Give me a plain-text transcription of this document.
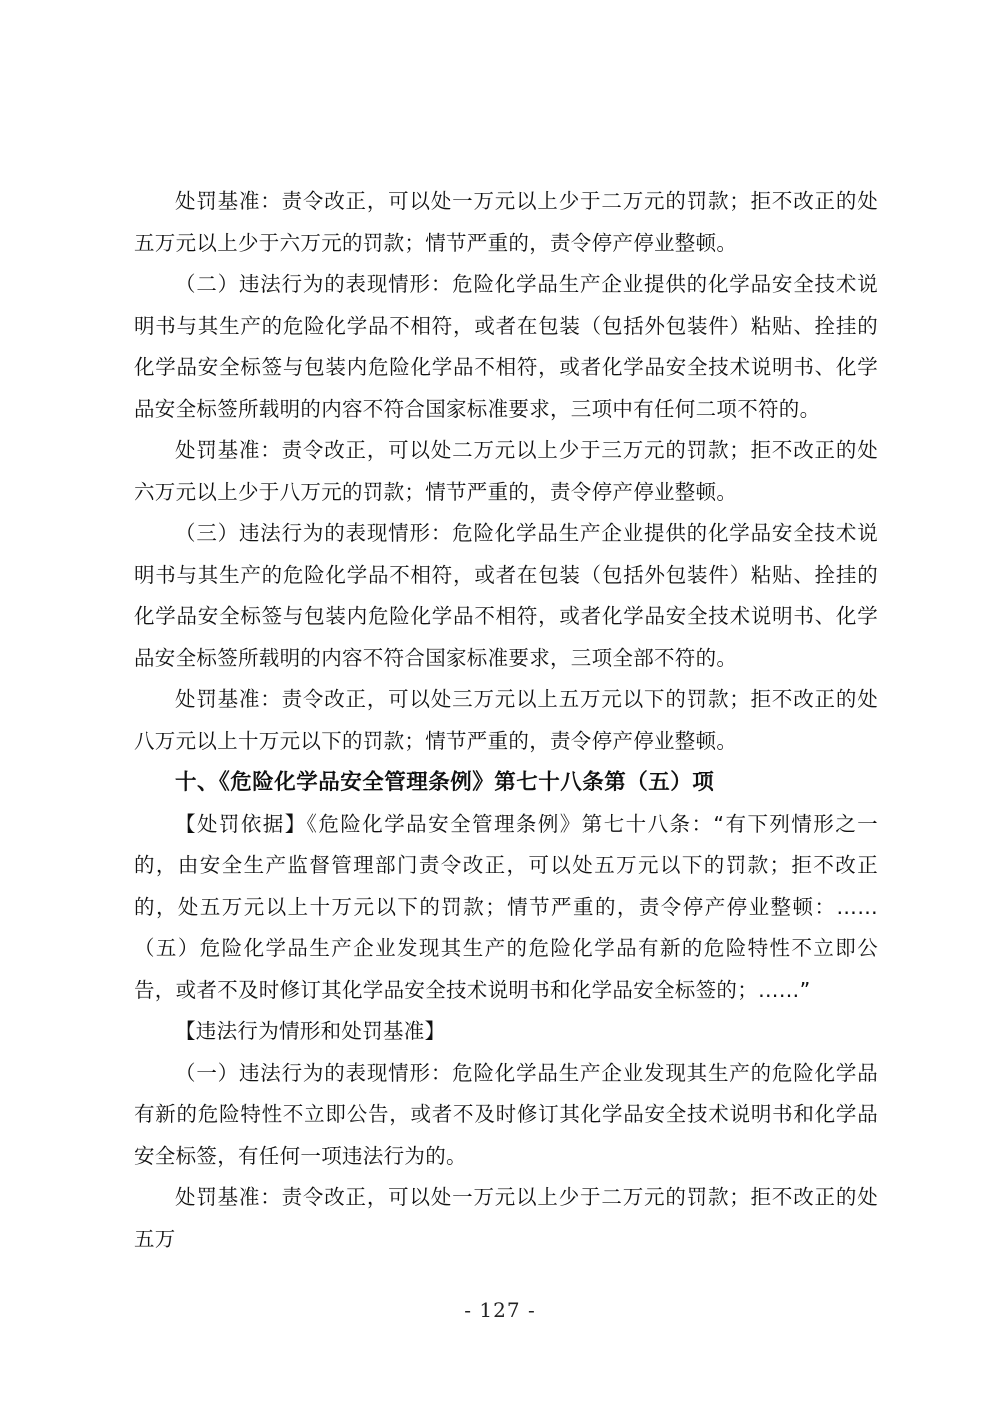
处罚基准：责令改正，可以处一万元以上少于二万元的罚款；拒不改正的处五万元以上少于六万元的罚款；情节严重的，责令停产停业整顿。

（二）违法行为的表现情形：危险化学品生产企业提供的化学品安全技术说明书与其生产的危险化学品不相符，或者在包装（包括外包装件）粘贴、拴挂的化学品安全标签与包装内危险化学品不相符，或者化学品安全技术说明书、化学品安全标签所载明的内容不符合国家标准要求，三项中有任何二项不符的。

处罚基准：责令改正，可以处二万元以上少于三万元的罚款；拒不改正的处六万元以上少于八万元的罚款；情节严重的，责令停产停业整顿。

（三）违法行为的表现情形：危险化学品生产企业提供的化学品安全技术说明书与其生产的危险化学品不相符，或者在包装（包括外包装件）粘贴、拴挂的化学品安全标签与包装内危险化学品不相符，或者化学品安全技术说明书、化学品安全标签所载明的内容不符合国家标准要求，三项全部不符的。

处罚基准：责令改正，可以处三万元以上五万元以下的罚款；拒不改正的处八万元以上十万元以下的罚款；情节严重的，责令停产停业整顿。

十、《危险化学品安全管理条例》第七十八条第（五）项

【处罚依据】《危险化学品安全管理条例》第七十八条：“有下列情形之一的，由安全生产监督管理部门责令改正，可以处五万元以下的罚款；拒不改正的，处五万元以上十万元以下的罚款；情节严重的，责令停产停业整顿：……（五）危险化学品生产企业发现其生产的危险化学品有新的危险特性不立即公告，或者不及时修订其化学品安全技术说明书和化学品安全标签的；……”

【违法行为情形和处罚基准】

（一）违法行为的表现情形：危险化学品生产企业发现其生产的危险化学品有新的危险特性不立即公告，或者不及时修订其化学品安全技术说明书和化学品安全标签，有任何一项违法行为的。

处罚基准：责令改正，可以处一万元以上少于二万元的罚款；拒不改正的处五万

- 127 -
